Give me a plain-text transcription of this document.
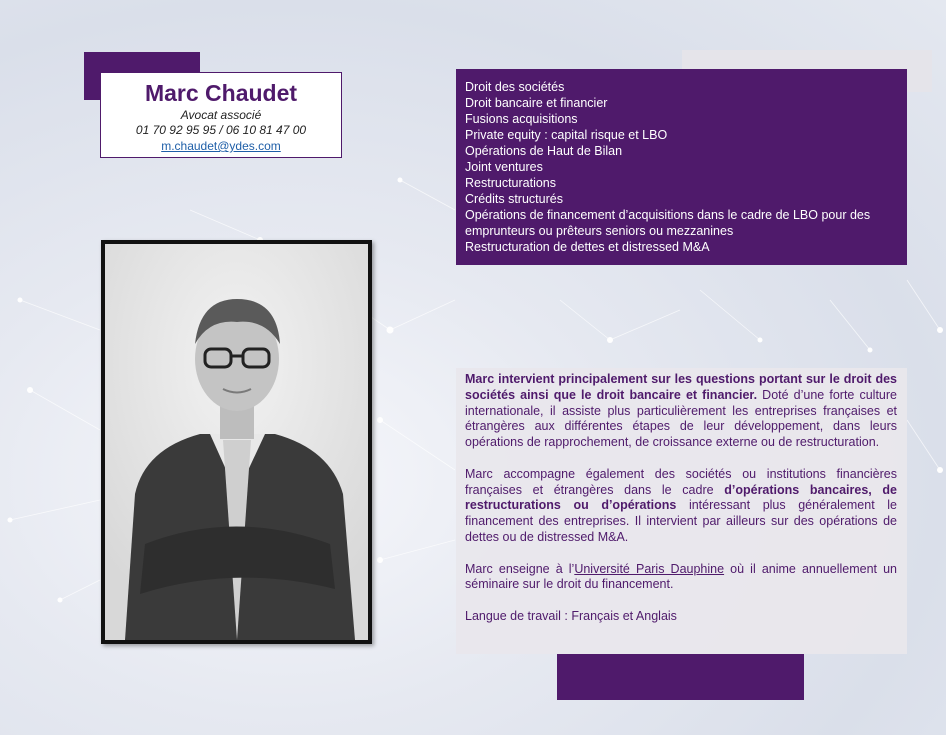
Marc Chaudet
Avocat associé
01 70 92 95 95 / 06 10 81 47 00
m.chaudet@ydes.com
Droit des sociétés
Droit bancaire et financier
Fusions acquisitions
Private equity : capital risque et LBO
Opérations de Haut de Bilan
Joint ventures
Restructurations
Crédits structurés
Opérations de financement d’acquisitions dans le cadre de LBO pour des emprunteurs ou prêteurs seniors ou mezzanines
Restructuration de dettes et distressed M&A

Marc intervient principalement sur les questions portant sur le droit des sociétés ainsi que le droit bancaire et financier. Doté d’une forte culture internationale, il assiste plus particulièrement les entreprises françaises et étrangères aux différentes étapes de leur développement, dans leurs opérations de rapprochement, de croissance externe ou de restructuration.

Marc accompagne également des sociétés ou institutions financières françaises et étrangères dans le cadre d’opérations bancaires, de restructurations ou d’opérations intéressant plus généralement le financement des entreprises. Il intervient par ailleurs sur des opérations de dettes ou de distressed M&A.

Marc enseigne à l’Université Paris Dauphine où il anime annuellement un séminaire sur le droit du financement.

Langue de travail : Français et Anglais
